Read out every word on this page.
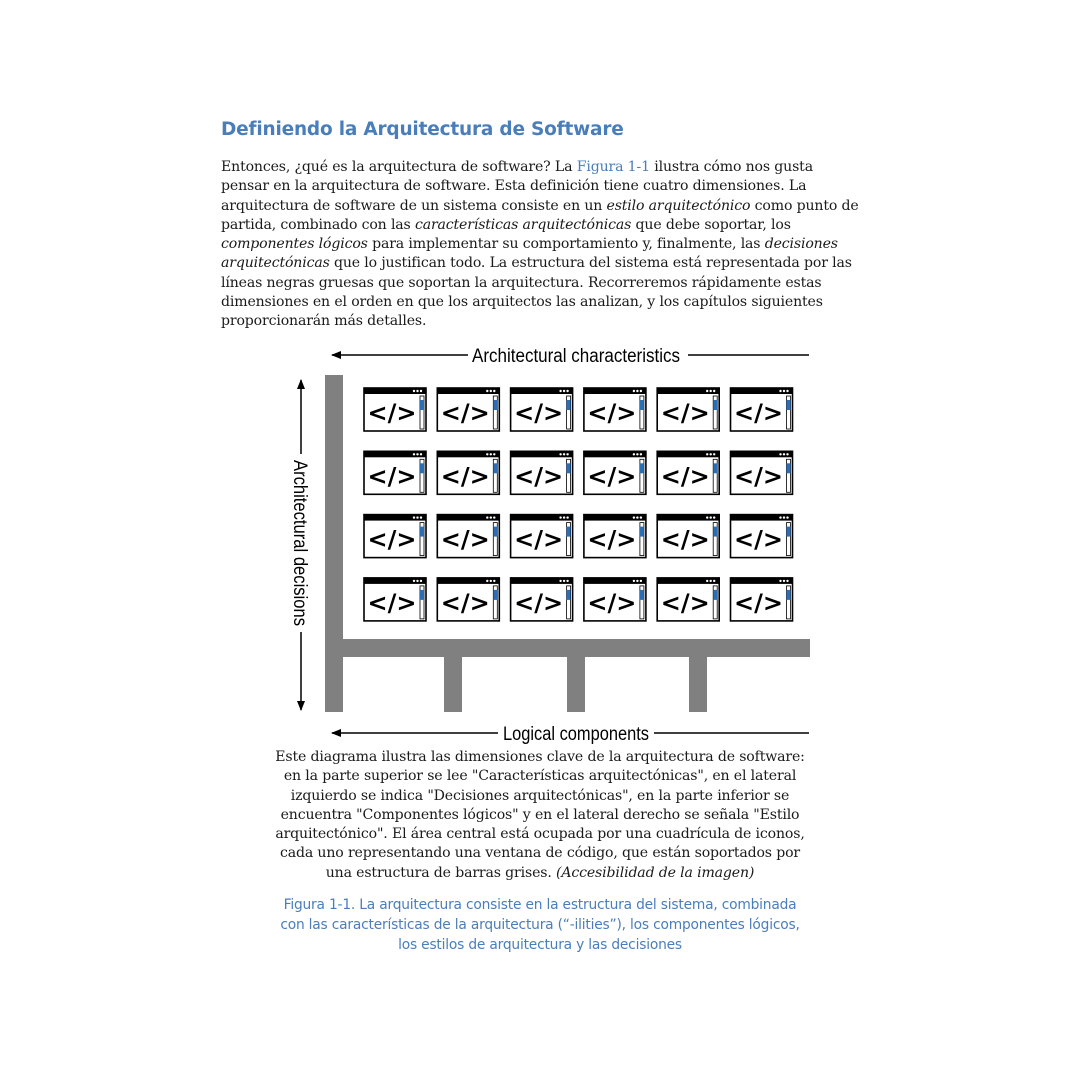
Definiendo la Arquitectura de Software

Entonces, ¿qué es la arquitectura de software? La Figura 1-1 ilustra cómo nos gusta pensar en la arquitectura de software. Esta definición tiene cuatro dimensiones. La arquitectura de software de un sistema consiste en un estilo arquitectónico como punto de partida, combinado con las características arquitectónicas que debe soportar, los componentes lógicos para implementar su comportamiento y, finalmente, las decisiones arquitectónicas que lo justifican todo. La estructura del sistema está representada por las líneas negras gruesas que soportan la arquitectura. Recorreremos rápidamente estas dimensiones en el orden en que los arquitectos las analizan, y los capítulos siguientes proporcionarán más detalles.

Architectural characteristics
Architectural decisions
</> </> </> </> </> </>
</> </> </> </> </> </>
</> </> </> </> </> </>
</> </> </> </> </> </>
Logical components

Este diagrama ilustra las dimensiones clave de la arquitectura de software: en la parte superior se lee "Características arquitectónicas", en el lateral izquierdo se indica "Decisiones arquitectónicas", en la parte inferior se encuentra "Componentes lógicos" y en el lateral derecho se señala "Estilo arquitectónico". El área central está ocupada por una cuadrícula de iconos, cada uno representando una ventana de código, que están soportados por una estructura de barras grises. (Accesibilidad de la imagen)

Figura 1-1. La arquitectura consiste en la estructura del sistema, combinada con las características de la arquitectura (“-ilities”), los componentes lógicos, los estilos de arquitectura y las decisiones
